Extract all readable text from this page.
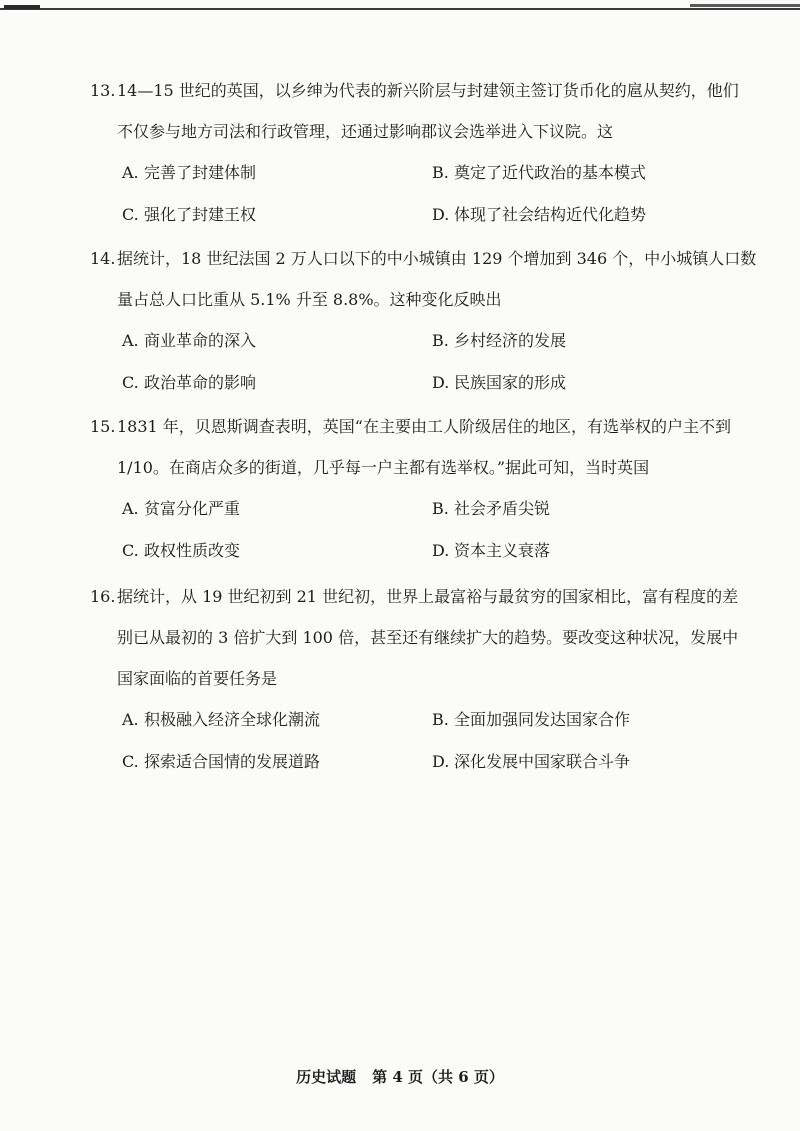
13.14—15 世纪的英国，以乡绅为代表的新兴阶层与封建领主签订货币化的扈从契约，他们
不仅参与地方司法和行政管理，还通过影响郡议会选举进入下议院。这
A. 完善了封建体制	B. 奠定了近代政治的基本模式
C. 强化了封建王权	D. 体现了社会结构近代化趋势
14.据统计，18 世纪法国 2 万人口以下的中小城镇由 129 个增加到 346 个，中小城镇人口数
量占总人口比重从 5.1% 升至 8.8%。这种变化反映出
A. 商业革命的深入	B. 乡村经济的发展
C. 政治革命的影响	D. 民族国家的形成
15.1831 年，贝恩斯调查表明，英国“在主要由工人阶级居住的地区，有选举权的户主不到
1/10。在商店众多的街道，几乎每一户主都有选举权。”据此可知，当时英国
A. 贫富分化严重	B. 社会矛盾尖锐
C. 政权性质改变	D. 资本主义衰落
16.据统计，从 19 世纪初到 21 世纪初，世界上最富裕与最贫穷的国家相比，富有程度的差
别已从最初的 3 倍扩大到 100 倍，甚至还有继续扩大的趋势。要改变这种状况，发展中
国家面临的首要任务是
A. 积极融入经济全球化潮流	B. 全面加强同发达国家合作
C. 探索适合国情的发展道路	D. 深化发展中国家联合斗争
历史试题 第 4 页（共 6 页）
